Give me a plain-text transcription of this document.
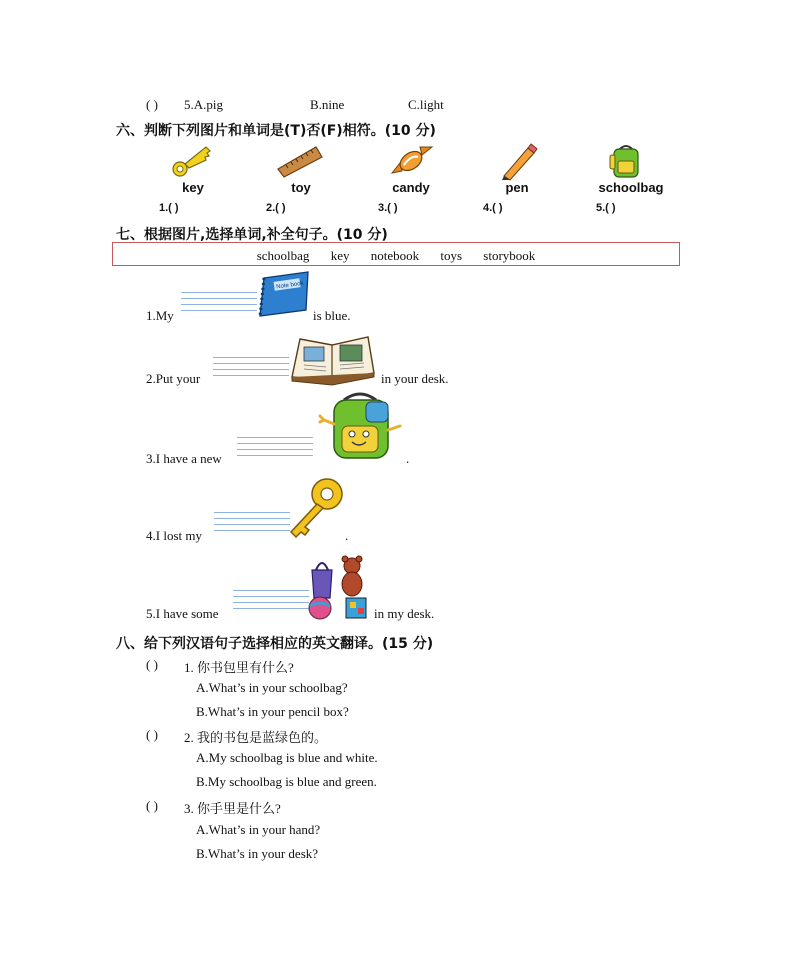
( ) 5.A.pig	B.nine	C.light
六、判断下列图片和单词是(T)否(F)相符。(10 分)
key	toy	candy	pen	schoolbag
1.( )	2.( )	3.( )	4.( )	5.( )
七、根据图片,选择单词,补全句子。(10 分)
schoolbag key notebook toys storybook
1.My
Note book
is blue.
2.Put your	in your desk.
3.I have a new	.
4.I lost my	.
5.I have some	in my desk.
八、给下列汉语句子选择相应的英文翻译。(15 分)
( ) 1. 你书包里有什么?
A.What’s in your schoolbag?
B.What’s in your pencil box?
( ) 2. 我的书包是蓝绿色的。
A.My schoolbag is blue and white.
B.My schoolbag is blue and green.
( ) 3. 你手里是什么?
A.What’s in your hand?
B.What’s in your desk?
